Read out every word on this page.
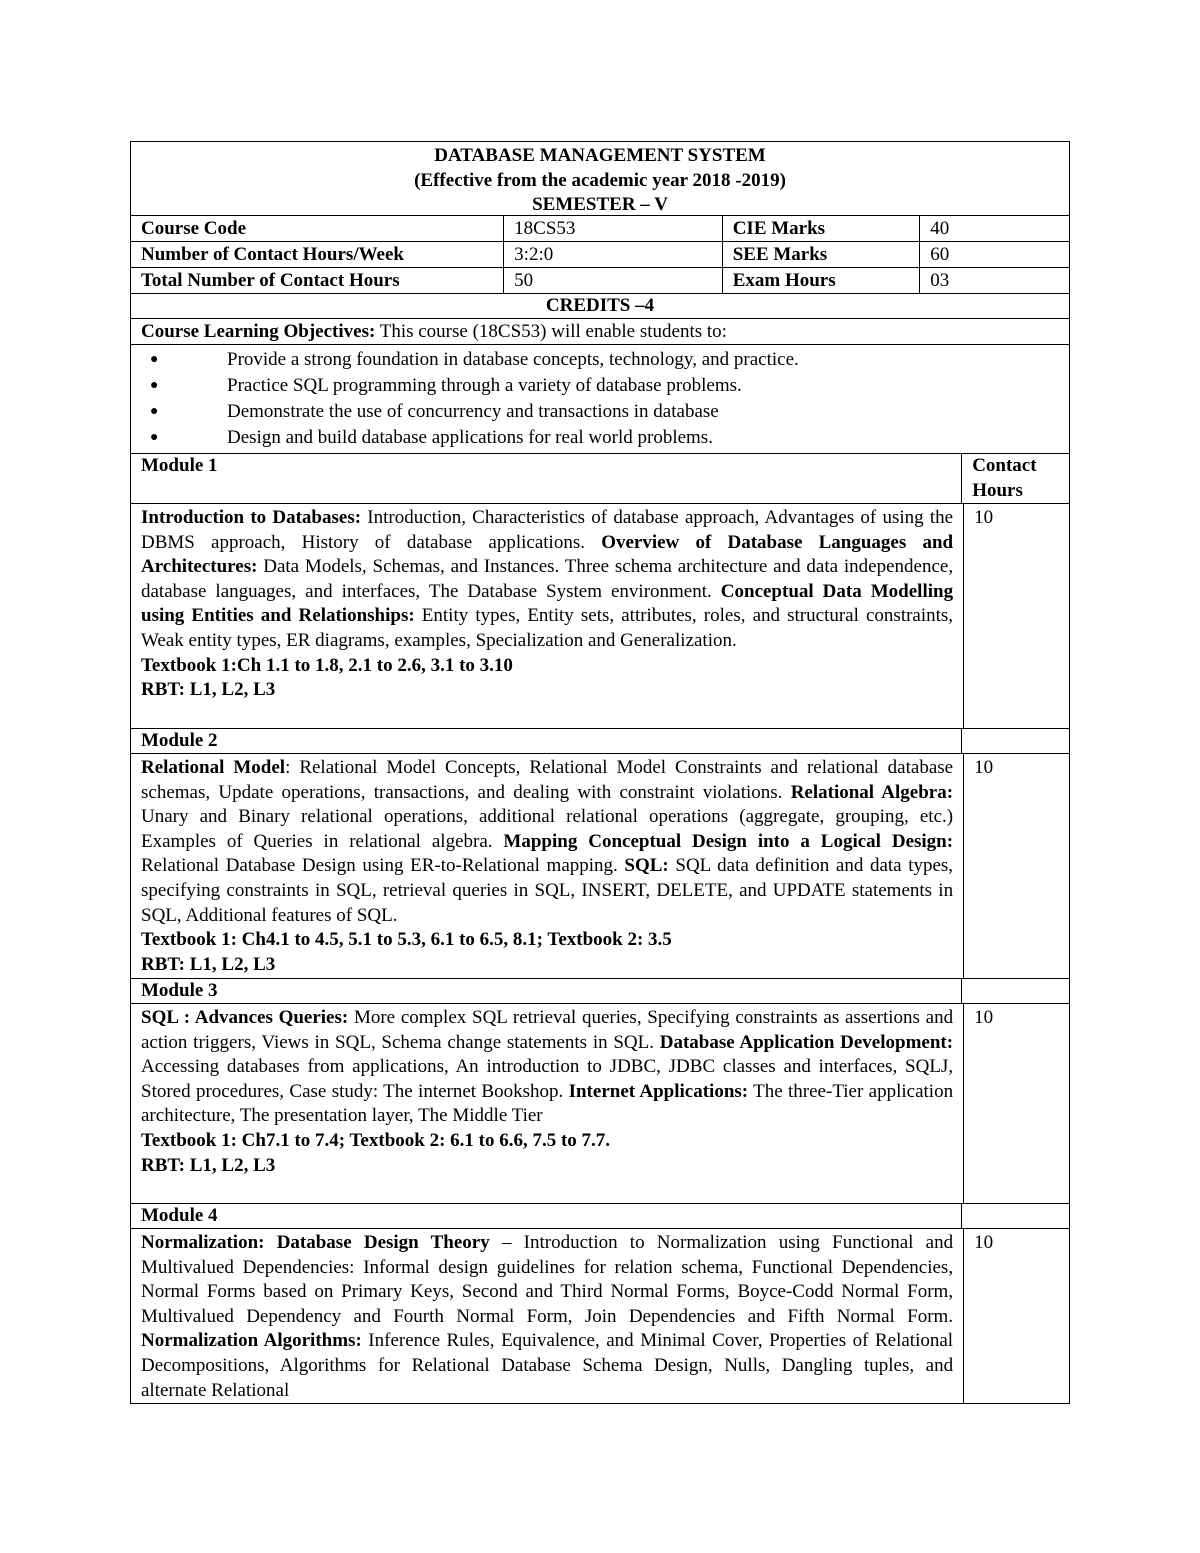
DATABASE MANAGEMENT SYSTEM
(Effective from the academic year 2018 -2019)
SEMESTER – V
Course Code	18CS53	CIE Marks	40
Number of Contact Hours/Week	3:2:0	SEE Marks	60
Total Number of Contact Hours	50	Exam Hours	03
CREDITS –4
Course Learning Objectives: This course (18CS53) will enable students to:
●	Provide a strong foundation in database concepts, technology, and practice.
●	Practice SQL programming through a variety of database problems.
●	Demonstrate the use of concurrency and transactions in database
●	Design and build database applications for real world problems.
Module 1	Contact Hours
Introduction to Databases: Introduction, Characteristics of database approach, Advantages of using the DBMS approach, History of database applications. Overview of Database Languages and Architectures: Data Models, Schemas, and Instances. Three schema architecture and data independence, database languages, and interfaces, The Database System environment. Conceptual Data Modelling using Entities and Relationships: Entity types, Entity sets, attributes, roles, and structural constraints, Weak entity types, ER diagrams, examples, Specialization and Generalization.
Textbook 1:Ch 1.1 to 1.8, 2.1 to 2.6, 3.1 to 3.10
RBT: L1, L2, L3
10
Module 2
Relational Model: Relational Model Concepts, Relational Model Constraints and relational database schemas, Update operations, transactions, and dealing with constraint violations. Relational Algebra: Unary and Binary relational operations, additional relational operations (aggregate, grouping, etc.) Examples of Queries in relational algebra. Mapping Conceptual Design into a Logical Design: Relational Database Design using ER-to-Relational mapping. SQL: SQL data definition and data types, specifying constraints in SQL, retrieval queries in SQL, INSERT, DELETE, and UPDATE statements in SQL, Additional features of SQL.
Textbook 1: Ch4.1 to 4.5, 5.1 to 5.3, 6.1 to 6.5, 8.1; Textbook 2: 3.5
RBT: L1, L2, L3
10
Module 3
SQL : Advances Queries: More complex SQL retrieval queries, Specifying constraints as assertions and action triggers, Views in SQL, Schema change statements in SQL. Database Application Development: Accessing databases from applications, An introduction to JDBC, JDBC classes and interfaces, SQLJ, Stored procedures, Case study: The internet Bookshop. Internet Applications: The three-Tier application architecture, The presentation layer, The Middle Tier
Textbook 1: Ch7.1 to 7.4; Textbook 2: 6.1 to 6.6, 7.5 to 7.7.
RBT: L1, L2, L3
10
Module 4
Normalization: Database Design Theory – Introduction to Normalization using Functional and Multivalued Dependencies: Informal design guidelines for relation schema, Functional Dependencies, Normal Forms based on Primary Keys, Second and Third Normal Forms, Boyce-Codd Normal Form, Multivalued Dependency and Fourth Normal Form, Join Dependencies and Fifth Normal Form. Normalization Algorithms: Inference Rules, Equivalence, and Minimal Cover, Properties of Relational Decompositions, Algorithms for Relational Database Schema Design, Nulls, Dangling tuples, and alternate Relational
10
